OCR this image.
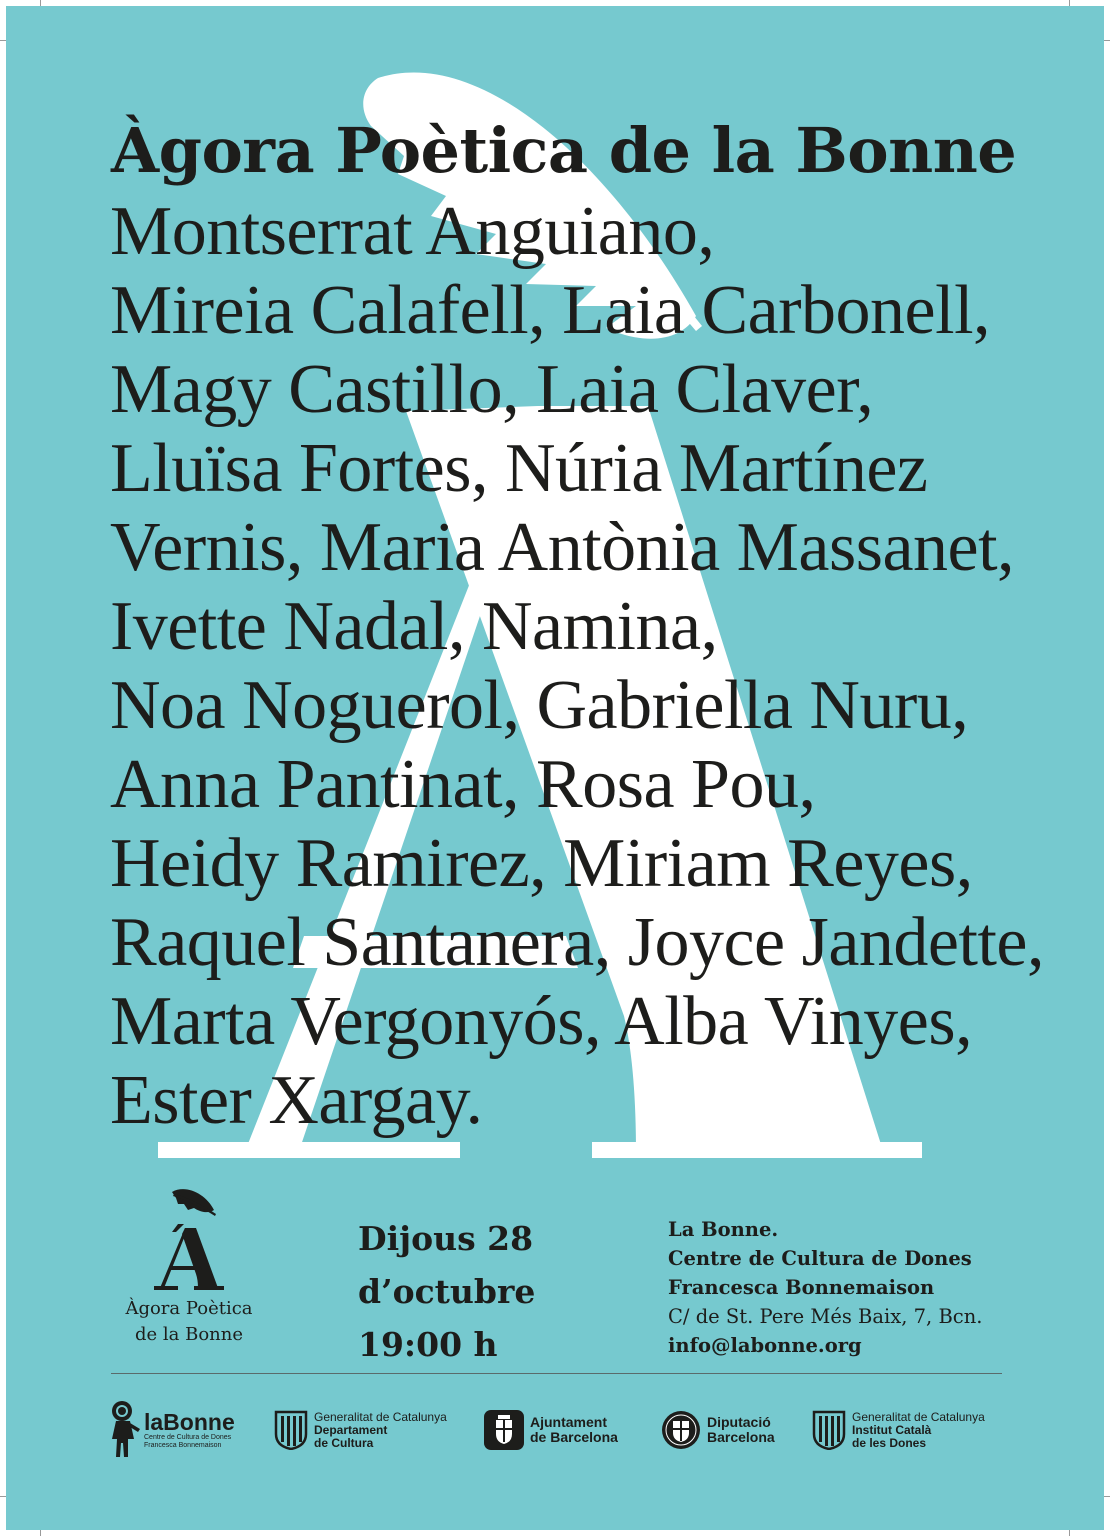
Àgora Poètica de la Bonne
Montserrat Anguiano,
Mireia Calafell, Laia Carbonell,
Magy Castillo, Laia Claver,
Lluïsa Fortes, Núria Martínez
Vernis, Maria Antònia Massanet,
Ivette Nadal, Namina,
Noa Noguerol, Gabriella Nuru,
Anna Pantinat, Rosa Pou,
Heidy Ramirez, Miriam Reyes,
Raquel Santanera, Joyce Jandette,
Marta Vergonyós, Alba Vinyes,
Ester Xargay.
Àgora Poètica
de la Bonne
Dijous 28
d’octubre
19:00 h
La Bonne.
Centre de Cultura de Dones
Francesca Bonnemaison
C/ de St. Pere Més Baix, 7, Bcn.
info@labonne.org
laBonne
Centre de Cultura de Dones
Francesca Bonnemaison
Generalitat de Catalunya
Departament
de Cultura
Ajuntament
de Barcelona
Diputació
Barcelona
Generalitat de Catalunya
Institut Català
de les Dones
